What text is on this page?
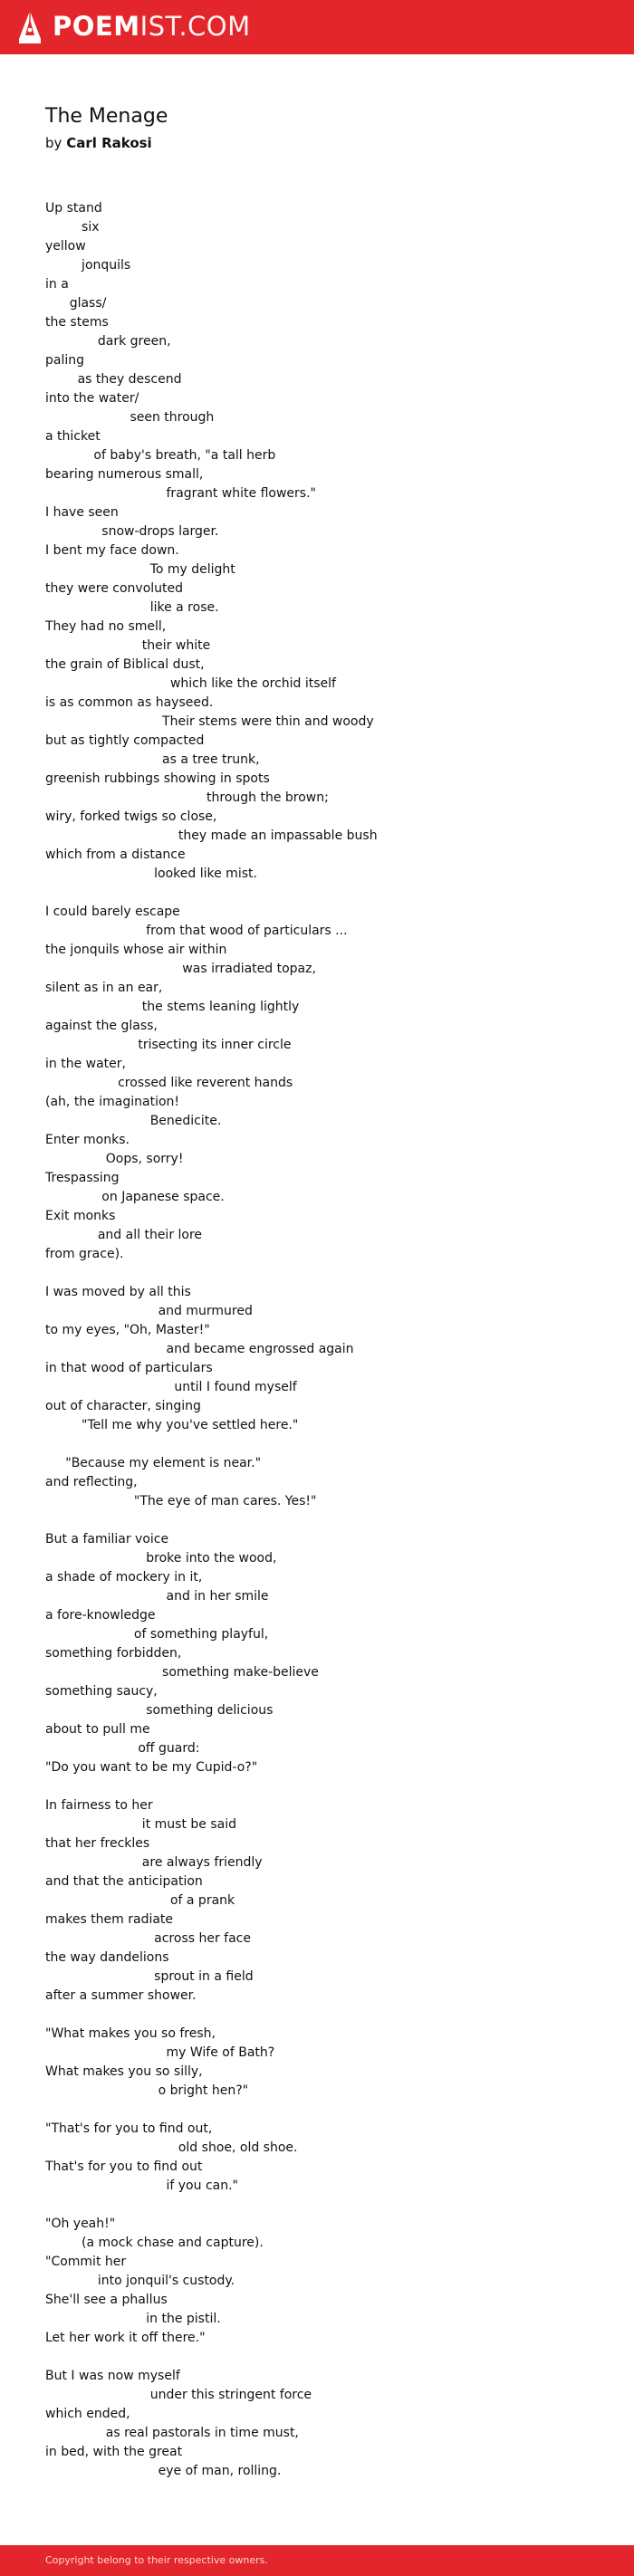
POEMIST.COM
The Menage
by Carl Rakosi
Up stand
six
yellow
jonquils
in a
glass/
the stems
dark green,
paling
as they descend
into the water/
seen through
a thicket
of baby's breath, "a tall herb
bearing numerous small,
fragrant white flowers."
I have seen
snow-drops larger.
I bent my face down.
To my delight
they were convoluted
like a rose.
They had no smell,
their white
the grain of Biblical dust,
which like the orchid itself
is as common as hayseed.
Their stems were thin and woody
but as tightly compacted
as a tree trunk,
greenish rubbings showing in spots
through the brown;
wiry, forked twigs so close,
they made an impassable bush
which from a distance
looked like mist.
I could barely escape
from that wood of particulars ...
the jonquils whose air within
was irradiated topaz,
silent as in an ear,
the stems leaning lightly
against the glass,
trisecting its inner circle
in the water,
crossed like reverent hands
(ah, the imagination!
Benedicite.
Enter monks.
Oops, sorry!
Trespassing
on Japanese space.
Exit monks
and all their lore
from grace).
I was moved by all this
and murmured
to my eyes, "Oh, Master!"
and became engrossed again
in that wood of particulars
until I found myself
out of character, singing
"Tell me why you've settled here."
"Because my element is near."
and reflecting,
"The eye of man cares. Yes!"
But a familiar voice
broke into the wood,
a shade of mockery in it,
and in her smile
a fore-knowledge
of something playful,
something forbidden,
something make-believe
something saucy,
something delicious
about to pull me
off guard:
"Do you want to be my Cupid-o?"
In fairness to her
it must be said
that her freckles
are always friendly
and that the anticipation
of a prank
makes them radiate
across her face
the way dandelions
sprout in a field
after a summer shower.
"What makes you so fresh,
my Wife of Bath?
What makes you so silly,
o bright hen?"
"That's for you to find out,
old shoe, old shoe.
That's for you to find out
if you can."
"Oh yeah!"
(a mock chase and capture).
"Commit her
into jonquil's custody.
She'll see a phallus
in the pistil.
Let her work it off there."
But I was now myself
under this stringent force
which ended,
as real pastorals in time must,
in bed, with the great
eye of man, rolling.
Copyright belong to their respective owners.
